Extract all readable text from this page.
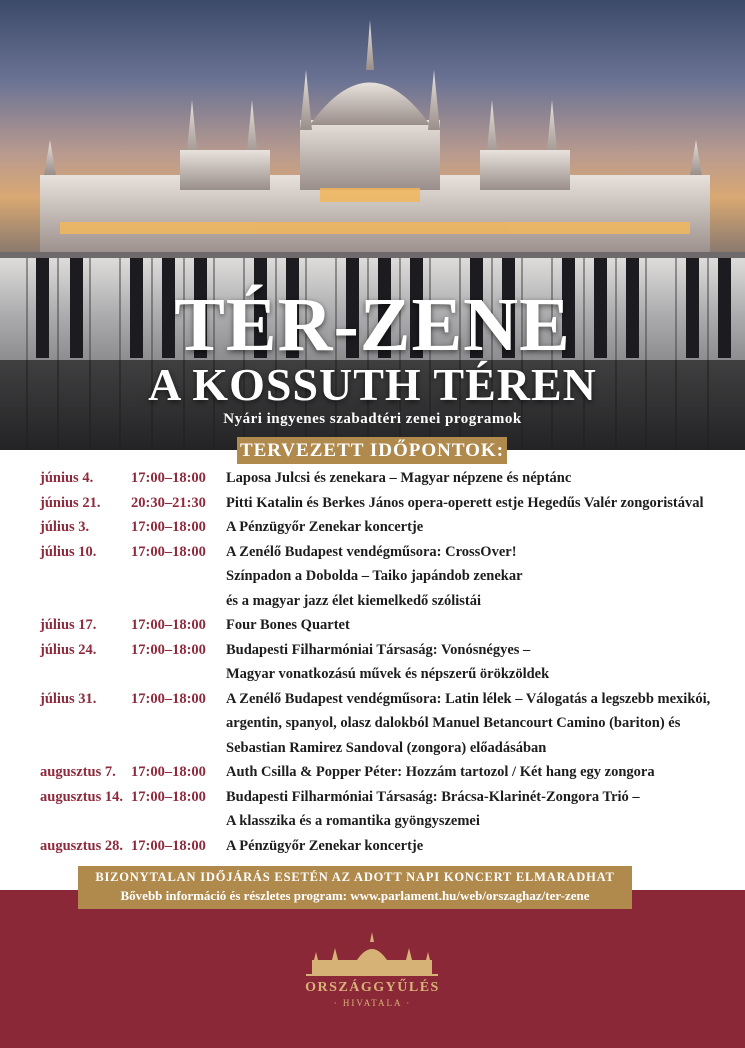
TÉR-ZENE
A KOSSUTH TÉREN
Nyári ingyenes szabadtéri zenei programok
TERVEZETT IDŐPONTOK:
június 4.	17:00–18:00 Laposa Julcsi és zenekara – Magyar népzene és néptánc
június 21. 20:30–21:30 Pitti Katalin és Berkes János opera-operett estje Hegedűs Valér zongoristával
július 3.	17:00–18:00 A Pénzügyőr Zenekar koncertje
július 10. 17:00–18:00 A Zenélő Budapest vendégműsora: CrossOver!
Színpadon a Dobolda – Taiko japándob zenekar
és a magyar jazz élet kiemelkedő szólistái
július 17. 17:00–18:00 Four Bones Quartet
július 24. 17:00–18:00 Budapesti Filharmóniai Társaság: Vonósnégyes –
Magyar vonatkozású művek és népszerű örökzöldek
július 31. 17:00–18:00 A Zenélő Budapest vendégműsora: Latin lélek – Válogatás a legszebb mexikói,
argentin, spanyol, olasz dalokból Manuel Betancourt Camino (bariton) és
Sebastian Ramirez Sandoval (zongora) előadásában
augusztus 7. 17:00–18:00 Auth Csilla & Popper Péter: Hozzám tartozol / Két hang egy zongora
augusztus 14. 17:00–18:00 Budapesti Filharmóniai Társaság: Brácsa-Klarinét-Zongora Trió –
A klasszika és a romantika gyöngyszemei
augusztus 28. 17:00–18:00 A Pénzügyőr Zenekar koncertje
BIZONYTALAN IDŐJÁRÁS ESETÉN AZ ADOTT NAPI KONCERT ELMARADHAT
Bővebb információ és részletes program: www.parlament.hu/web/orszaghaz/ter-zene
ORSZÁGGYŰLÉS
· HIVATALA ·
